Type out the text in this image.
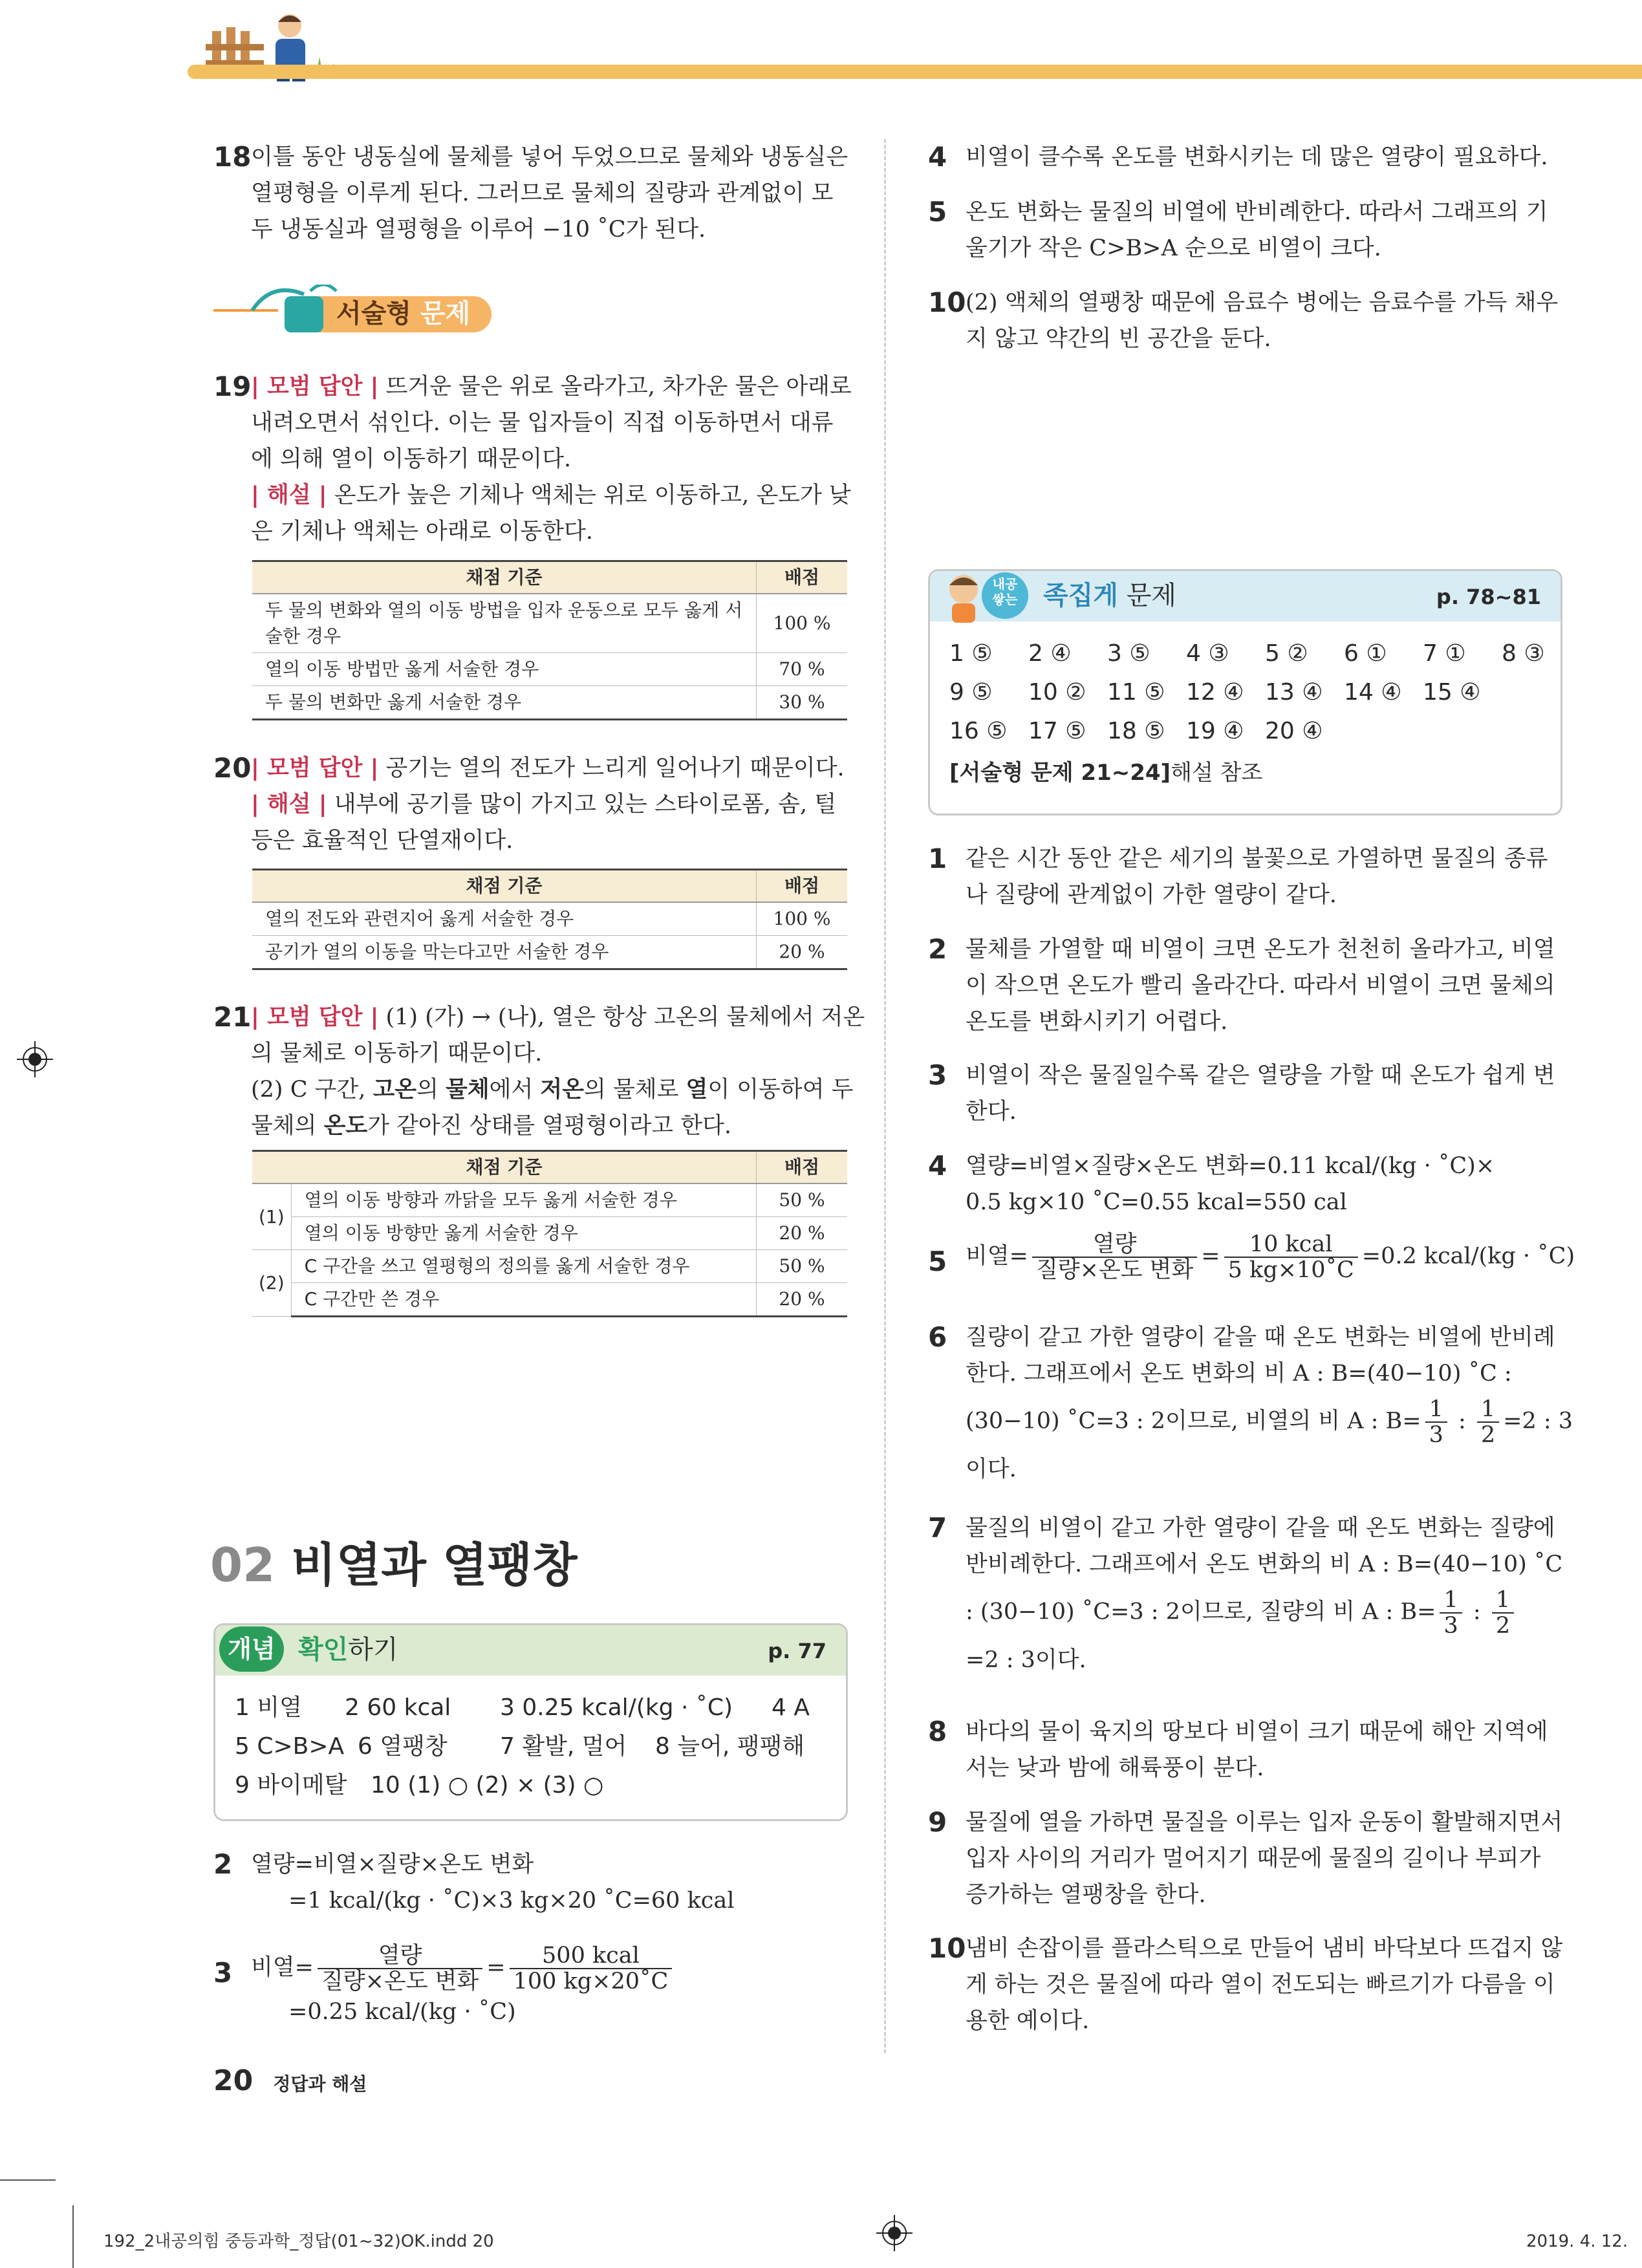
18 이틀 동안 냉동실에 물체를 넣어 두었으므로 물체와 냉동실은

열평형을 이루게 된다. 그러므로 물체의 질량과 관계없이 모

두 냉동실과 열평형을 이루어 −10 ˚C가 된다.

서술형 문제
19 | 모범 답안 | 뜨거운 물은 위로 올라가고, 차가운 물은 아래로

내려오면서 섞인다. 이는 물 입자들이 직접 이동하면서 대류

에 의해 열이 이동하기 때문이다.

| 해설 | 온도가 높은 기체나 액체는 위로 이동하고, 온도가 낮

은 기체나 액체는 아래로 이동한다.

채점 기준	배점
두 물의 변화와 열의 이동 방법을 입자 운동으로 모두 옳게 서
술한 경우	100 %
열의 이동 방법만 옳게 서술한 경우	70 %
두 물의 변화만 옳게 서술한 경우	30 %
20 | 모범 답안 | 공기는 열의 전도가 느리게 일어나기 때문이다.

| 해설 | 내부에 공기를 많이 가지고 있는 스타이로폼, 솜, 털

등은 효율적인 단열재이다.

채점 기준	배점
열의 전도와 관련지어 옳게 서술한 경우	100 %
공기가 열의 이동을 막는다고만 서술한 경우	20 %
21 | 모범 답안 | (1) (가) → (나), 열은 항상 고온의 물체에서 저온

의 물체로 이동하기 때문이다.

(2) C 구간, 고온의 물체에서 저온의 물체로 열이 이동하여 두

물체의 온도가 같아진 상태를 열평형이라고 한다.

채점 기준		배점
(1)	열의 이동 방향과 까닭을 모두 옳게 서술한 경우	50 %
	열의 이동 방향만 옳게 서술한 경우	20 %
(2)	C 구간을 쓰고 열평형의 정의를 옳게 서술한 경우	50 %
	C 구간만 쓴 경우	20 %
02 비열과 열팽창
개념 확인하기	p. 77
1 비열 2 60 kcal 3 0.25 kcal/(kg · ˚C) 4 A
5 C>B>A 6 열팽창 7 활발, 멀어 8 늘어, 팽팽해
9 바이메탈 10 (1) ○ (2) × (3) ○
2 열량=비열×질량×온도 변화

=1 kcal/(kg · ˚C)×3 kg×20 ˚C=60 kcal

3 비열= $\frac{\text{열량}}{\text{질량×온도 변화}} = \frac{\text{500 kcal}}{100 kg\times 20˚C}$

=0.25 kcal/(kg · ˚C)

20 정답과 해설
4 비열이 클수록 온도를 변화시키는 데 많은 열량이 필요하다.

5 온도 변화는 물질의 비열에 반비례한다. 따라서 그래프의 기

울기가 작은 C>B>A 순으로 비열이 크다.

10 (2) 액체의 열팽창 때문에 음료수 병에는 음료수를 가득 채우

지 않고 약간의 빈 공간을 둔다.

내공
쌓는 족집게 문제	p. 78~81
1 ⑤ 2 ④ 3 ⑤ 4 ③ 5 ② 6 ① 7 ① 8 ③
9 ⑤ 10 ② 11 ⑤ 12 ④ 13 ④ 14 ④ 15 ④
16 ⑤ 17 ⑤ 18 ⑤ 19 ④ 20 ④
[서술형 문제 21~24]해설 참조
1 같은 시간 동안 같은 세기의 불꽃으로 가열하면 물질의 종류

나 질량에 관계없이 가한 열량이 같다.

2 물체를 가열할 때 비열이 크면 온도가 천천히 올라가고, 비열

이 작으면 온도가 빨리 올라간다. 따라서 비열이 크면 물체의

온도를 변화시키기 어렵다.

3 비열이 작은 물질일수록 같은 열량을 가할 때 온도가 쉽게 변

한다.

4 열량=비열×질량×온도 변화=0.11 kcal/(kg · ˚C)×

0.5 kg×10 ˚C=0.55 kcal=550 cal

5 비열= $\frac{\text{열량}}{\text{질량×온도 변화}} = \frac{\text{10 kcal}}{5 kg\times 10˚C} =0.2$ kcal/(kg · ˚C)
6 질량이 같고 가한 열량이 같을 때 온도 변화는 비열에 반비례

한다. 그래프에서 온도 변화의 비 A : B=(40−10) ˚C :

(30−10) ˚C=3 : 2이므로, 비열의 비 A : $B= \frac{1}{3}$ : $\frac{1}{2} =2$ : 3

이다.

7 물질의 비열이 같고 가한 열량이 같을 때 온도 변화는 질량에

반비례한다. 그래프에서 온도 변화의 비 A : B=(40−10) ˚C

: (30−10) ˚C=3 : 2이므로, 질량의 비 A : $B= \frac{1}{3}$ : $\frac{1}{2}$

=2 : 3이다.

8 바다의 물이 육지의 땅보다 비열이 크기 때문에 해안 지역에

서는 낮과 밤에 해륙풍이 분다.

9 물질에 열을 가하면 물질을 이루는 입자 운동이 활발해지면서

입자 사이의 거리가 멀어지기 때문에 물질의 길이나 부피가

증가하는 열팽창을 한다.

10 냄비 손잡이를 플라스틱으로 만들어 냄비 바닥보다 뜨겁지 않

게 하는 것은 물질에 따라 열이 전도되는 빠르기가 다름을 이

용한 예이다.

192_2내공의힘 중등과학_정답(01~32)OK.indd 20	2019. 4. 12.
